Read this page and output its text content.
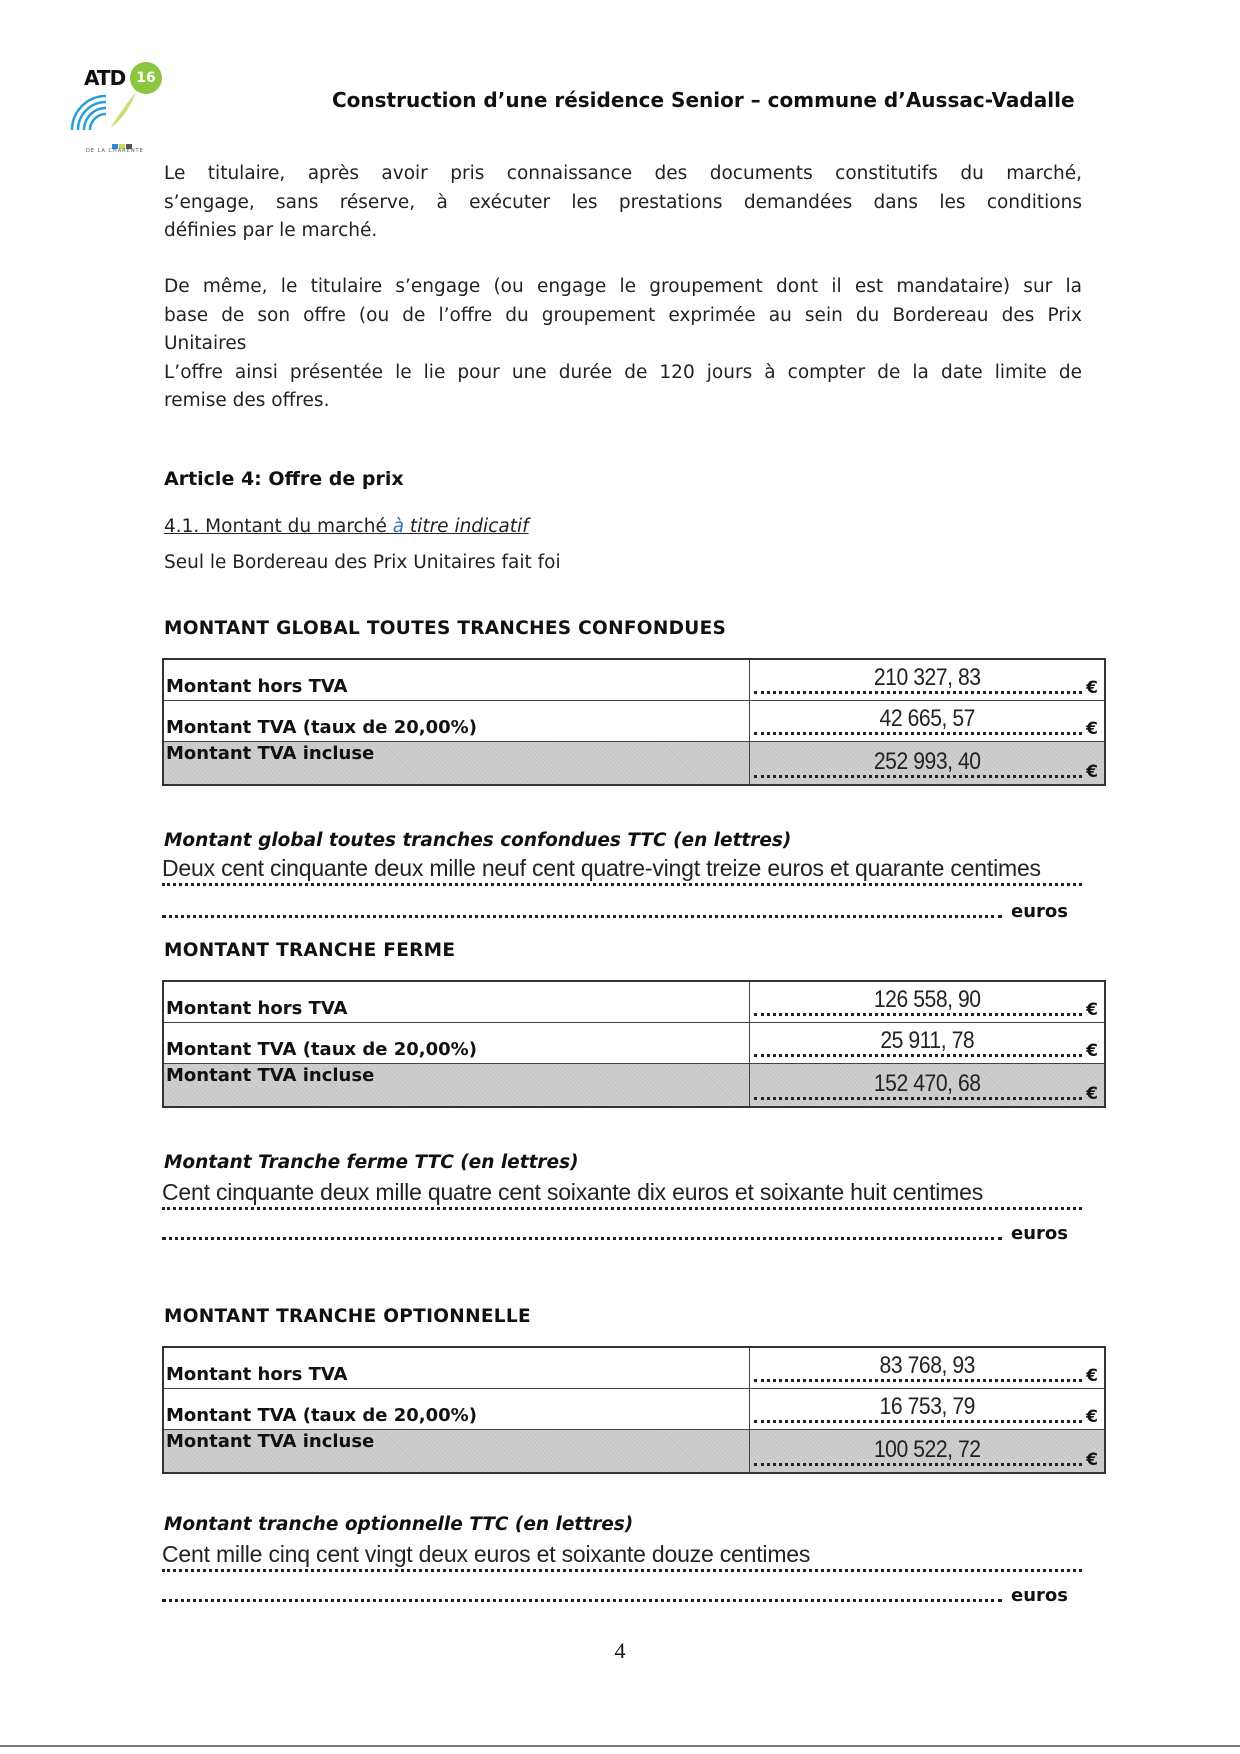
ATD 16
DE LA CHARENTE
Construction d’une résidence Senior – commune d’Aussac-Vadalle
Le titulaire, après avoir pris connaissance des documents constitutifs du marché,
s’engage, sans réserve, à exécuter les prestations demandées dans les conditions
définies par le marché.
De même, le titulaire s’engage (ou engage le groupement dont il est mandataire) sur la
base de son offre (ou de l’offre du groupement exprimée au sein du Bordereau des Prix
Unitaires
L’offre ainsi présentée le lie pour une durée de 120 jours à compter de la date limite de
remise des offres.
Article 4: Offre de prix
4.1. Montant du marché à titre indicatif
Seul le Bordereau des Prix Unitaires fait foi
MONTANT GLOBAL TOUTES TRANCHES CONFONDUES
Montant hors TVA	210 327, 83 €

Montant TVA (taux de 20,00%)	42 665, 57 €

Montant TVA incluse	252 993, 40 €
Montant global toutes tranches confondues TTC (en lettres)
Deux cent cinquante deux mille neuf cent quatre-vingt treize euros et quarante centimes
euros
MONTANT TRANCHE FERME
Montant hors TVA	126 558, 90 €

Montant TVA (taux de 20,00%)	25 911, 78 €

Montant TVA incluse	152 470, 68 €
Montant Tranche ferme TTC (en lettres)
Cent cinquante deux mille quatre cent soixante dix euros et soixante huit centimes
euros
MONTANT TRANCHE OPTIONNELLE
Montant hors TVA	83 768, 93 €

Montant TVA (taux de 20,00%)	16 753, 79 €

Montant TVA incluse	100 522, 72 €
Montant tranche optionnelle TTC (en lettres)
Cent mille cinq cent vingt deux euros et soixante douze centimes
euros
4
